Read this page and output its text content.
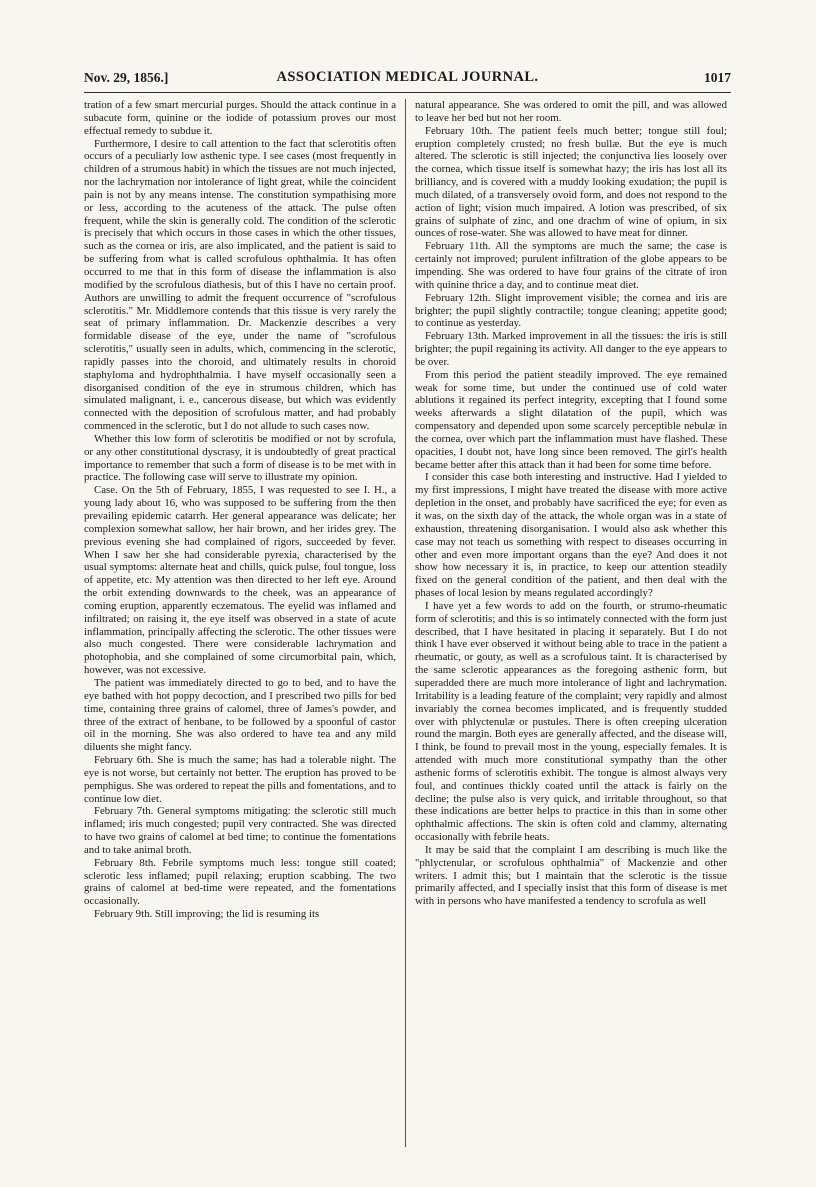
Nov. 29, 1856.]	ASSOCIATION MEDICAL JOURNAL.	1017

tration of a few smart mercurial purges. Should the attack continue in a subacute form, quinine or the iodide of potassium proves our most effectual remedy to subdue it.

Furthermore, I desire to call attention to the fact that sclerotitis often occurs of a peculiarly low asthenic type. I see cases (most frequently in children of a strumous habit) in which the tissues are not much injected, nor the lachrymation nor intolerance of light great, while the coincident pain is not by any means intense. The constitution sympathising more or less, according to the acuteness of the attack. The pulse often frequent, while the skin is generally cold. The condition of the sclerotic is precisely that which occurs in those cases in which the other tissues, such as the cornea or iris, are also implicated, and the patient is said to be suffering from what is called scrofulous ophthalmia. It has often occurred to me that in this form of disease the inflammation is also modified by the scrofulous diathesis, but of this I have no certain proof. Authors are unwilling to admit the frequent occurrence of "scrofulous sclerotitis." Mr. Middlemore contends that this tissue is very rarely the seat of primary inflammation. Dr. Mackenzie describes a very formidable disease of the eye, under the name of "scrofulous sclerotitis," usually seen in adults, which, commencing in the sclerotic, rapidly passes into the choroid, and ultimately results in choroid staphyloma and hydrophthalmia. I have myself occasionally seen a disorganised condition of the eye in strumous children, which has simulated malignant, i. e., cancerous disease, but which was evidently connected with the deposition of scrofulous matter, and had probably commenced in the sclerotic, but I do not allude to such cases now.

Whether this low form of sclerotitis be modified or not by scrofula, or any other constitutional dyscrasy, it is undoubtedly of great practical importance to remember that such a form of disease is to be met with in practice. The following case will serve to illustrate my opinion.

Case. On the 5th of February, 1855, I was requested to see I. H., a young lady about 16, who was supposed to be suffering from the then prevailing epidemic catarrh. Her general appearance was delicate; her complexion somewhat sallow, her hair brown, and her irides grey. The previous evening she had complained of rigors, succeeded by fever. When I saw her she had considerable pyrexia, characterised by the usual symptoms: alternate heat and chills, quick pulse, foul tongue, loss of appetite, etc. My attention was then directed to her left eye. Around the orbit extending downwards to the cheek, was an appearance of coming eruption, apparently eczematous. The eyelid was inflamed and infiltrated; on raising it, the eye itself was observed in a state of acute inflammation, principally affecting the sclerotic. The other tissues were also much congested. There were considerable lachrymation and photophobia, and she complained of some circumorbital pain, which, however, was not excessive.

The patient was immediately directed to go to bed, and to have the eye bathed with hot poppy decoction, and I prescribed two pills for bed time, containing three grains of calomel, three of James's powder, and three of the extract of henbane, to be followed by a spoonful of castor oil in the morning. She was also ordered to have tea and any mild diluents she might fancy.

February 6th. She is much the same; has had a tolerable night. The eye is not worse, but certainly not better. The eruption has proved to be pemphigus. She was ordered to repeat the pills and fomentations, and to continue low diet.

February 7th. General symptoms mitigating: the sclerotic still much inflamed; iris much congested; pupil very contracted. She was directed to have two grains of calomel at bed time; to continue the fomentations and to take animal broth.

February 8th. Febrile symptoms much less: tongue still coated; sclerotic less inflamed; pupil relaxing; eruption scabbing. The two grains of calomel at bed-time were repeated, and the fomentations occasionally.

February 9th. Still improving; the lid is resuming its

natural appearance. She was ordered to omit the pill, and was allowed to leave her bed but not her room.

February 10th. The patient feels much better; tongue still foul; eruption completely crusted; no fresh bullæ. But the eye is much altered. The sclerotic is still injected; the conjunctiva lies loosely over the cornea, which tissue itself is somewhat hazy; the iris has lost all its brilliancy, and is covered with a muddy looking exudation; the pupil is much dilated, of a transversely ovoid form, and does not respond to the action of light; vision much impaired. A lotion was prescribed, of six grains of sulphate of zinc, and one drachm of wine of opium, in six ounces of rose-water. She was allowed to have meat for dinner.

February 11th. All the symptoms are much the same; the case is certainly not improved; purulent infiltration of the globe appears to be impending. She was ordered to have four grains of the citrate of iron with quinine thrice a day, and to continue meat diet.

February 12th. Slight improvement visible; the cornea and iris are brighter; the pupil slightly contractile; tongue cleaning; appetite good; to continue as yesterday.

February 13th. Marked improvement in all the tissues: the iris is still brighter; the pupil regaining its activity. All danger to the eye appears to be over.

From this period the patient steadily improved. The eye remained weak for some time, but under the continued use of cold water ablutions it regained its perfect integrity, excepting that I found some weeks afterwards a slight dilatation of the pupil, which was compensatory and depended upon some scarcely perceptible nebulæ in the cornea, over which part the inflammation must have flashed. These opacities, I doubt not, have long since been removed. The girl's health became better after this attack than it had been for some time before.

I consider this case both interesting and instructive. Had I yielded to my first impressions, I might have treated the disease with more active depletion in the onset, and probably have sacrificed the eye; for even as it was, on the sixth day of the attack, the whole organ was in a state of exhaustion, threatening disorganisation. I would also ask whether this case may not teach us something with respect to diseases occurring in other and even more important organs than the eye? And does it not show how necessary it is, in practice, to keep our attention steadily fixed on the general condition of the patient, and then deal with the phases of local lesion by means regulated accordingly?

I have yet a few words to add on the fourth, or strumo-rheumatic form of sclerotitis; and this is so intimately connected with the form just described, that I have hesitated in placing it separately. But I do not think I have ever observed it without being able to trace in the patient a rheumatic, or gouty, as well as a scrofulous taint. It is characterised by the same sclerotic appearances as the foregoing asthenic form, but superadded there are much more intolerance of light and lachrymation. Irritability is a leading feature of the complaint; very rapidly and almost invariably the cornea becomes implicated, and is frequently studded over with phlyctenulæ or pustules. There is often creeping ulceration round the margin. Both eyes are generally affected, and the disease will, I think, be found to prevail most in the young, especially females. It is attended with much more constitutional sympathy than the other asthenic forms of sclerotitis exhibit. The tongue is almost always very foul, and continues thickly coated until the attack is fairly on the decline; the pulse also is very quick, and irritable throughout, so that these indications are better helps to practice in this than in some other ophthalmic affections. The skin is often cold and clammy, alternating occasionally with febrile heats.

It may be said that the complaint I am describing is much like the "phlyctenular, or scrofulous ophthalmia" of Mackenzie and other writers. I admit this; but I maintain that the sclerotic is the tissue primarily affected, and I specially insist that this form of disease is met with in persons who have manifested a tendency to scrofula as well
